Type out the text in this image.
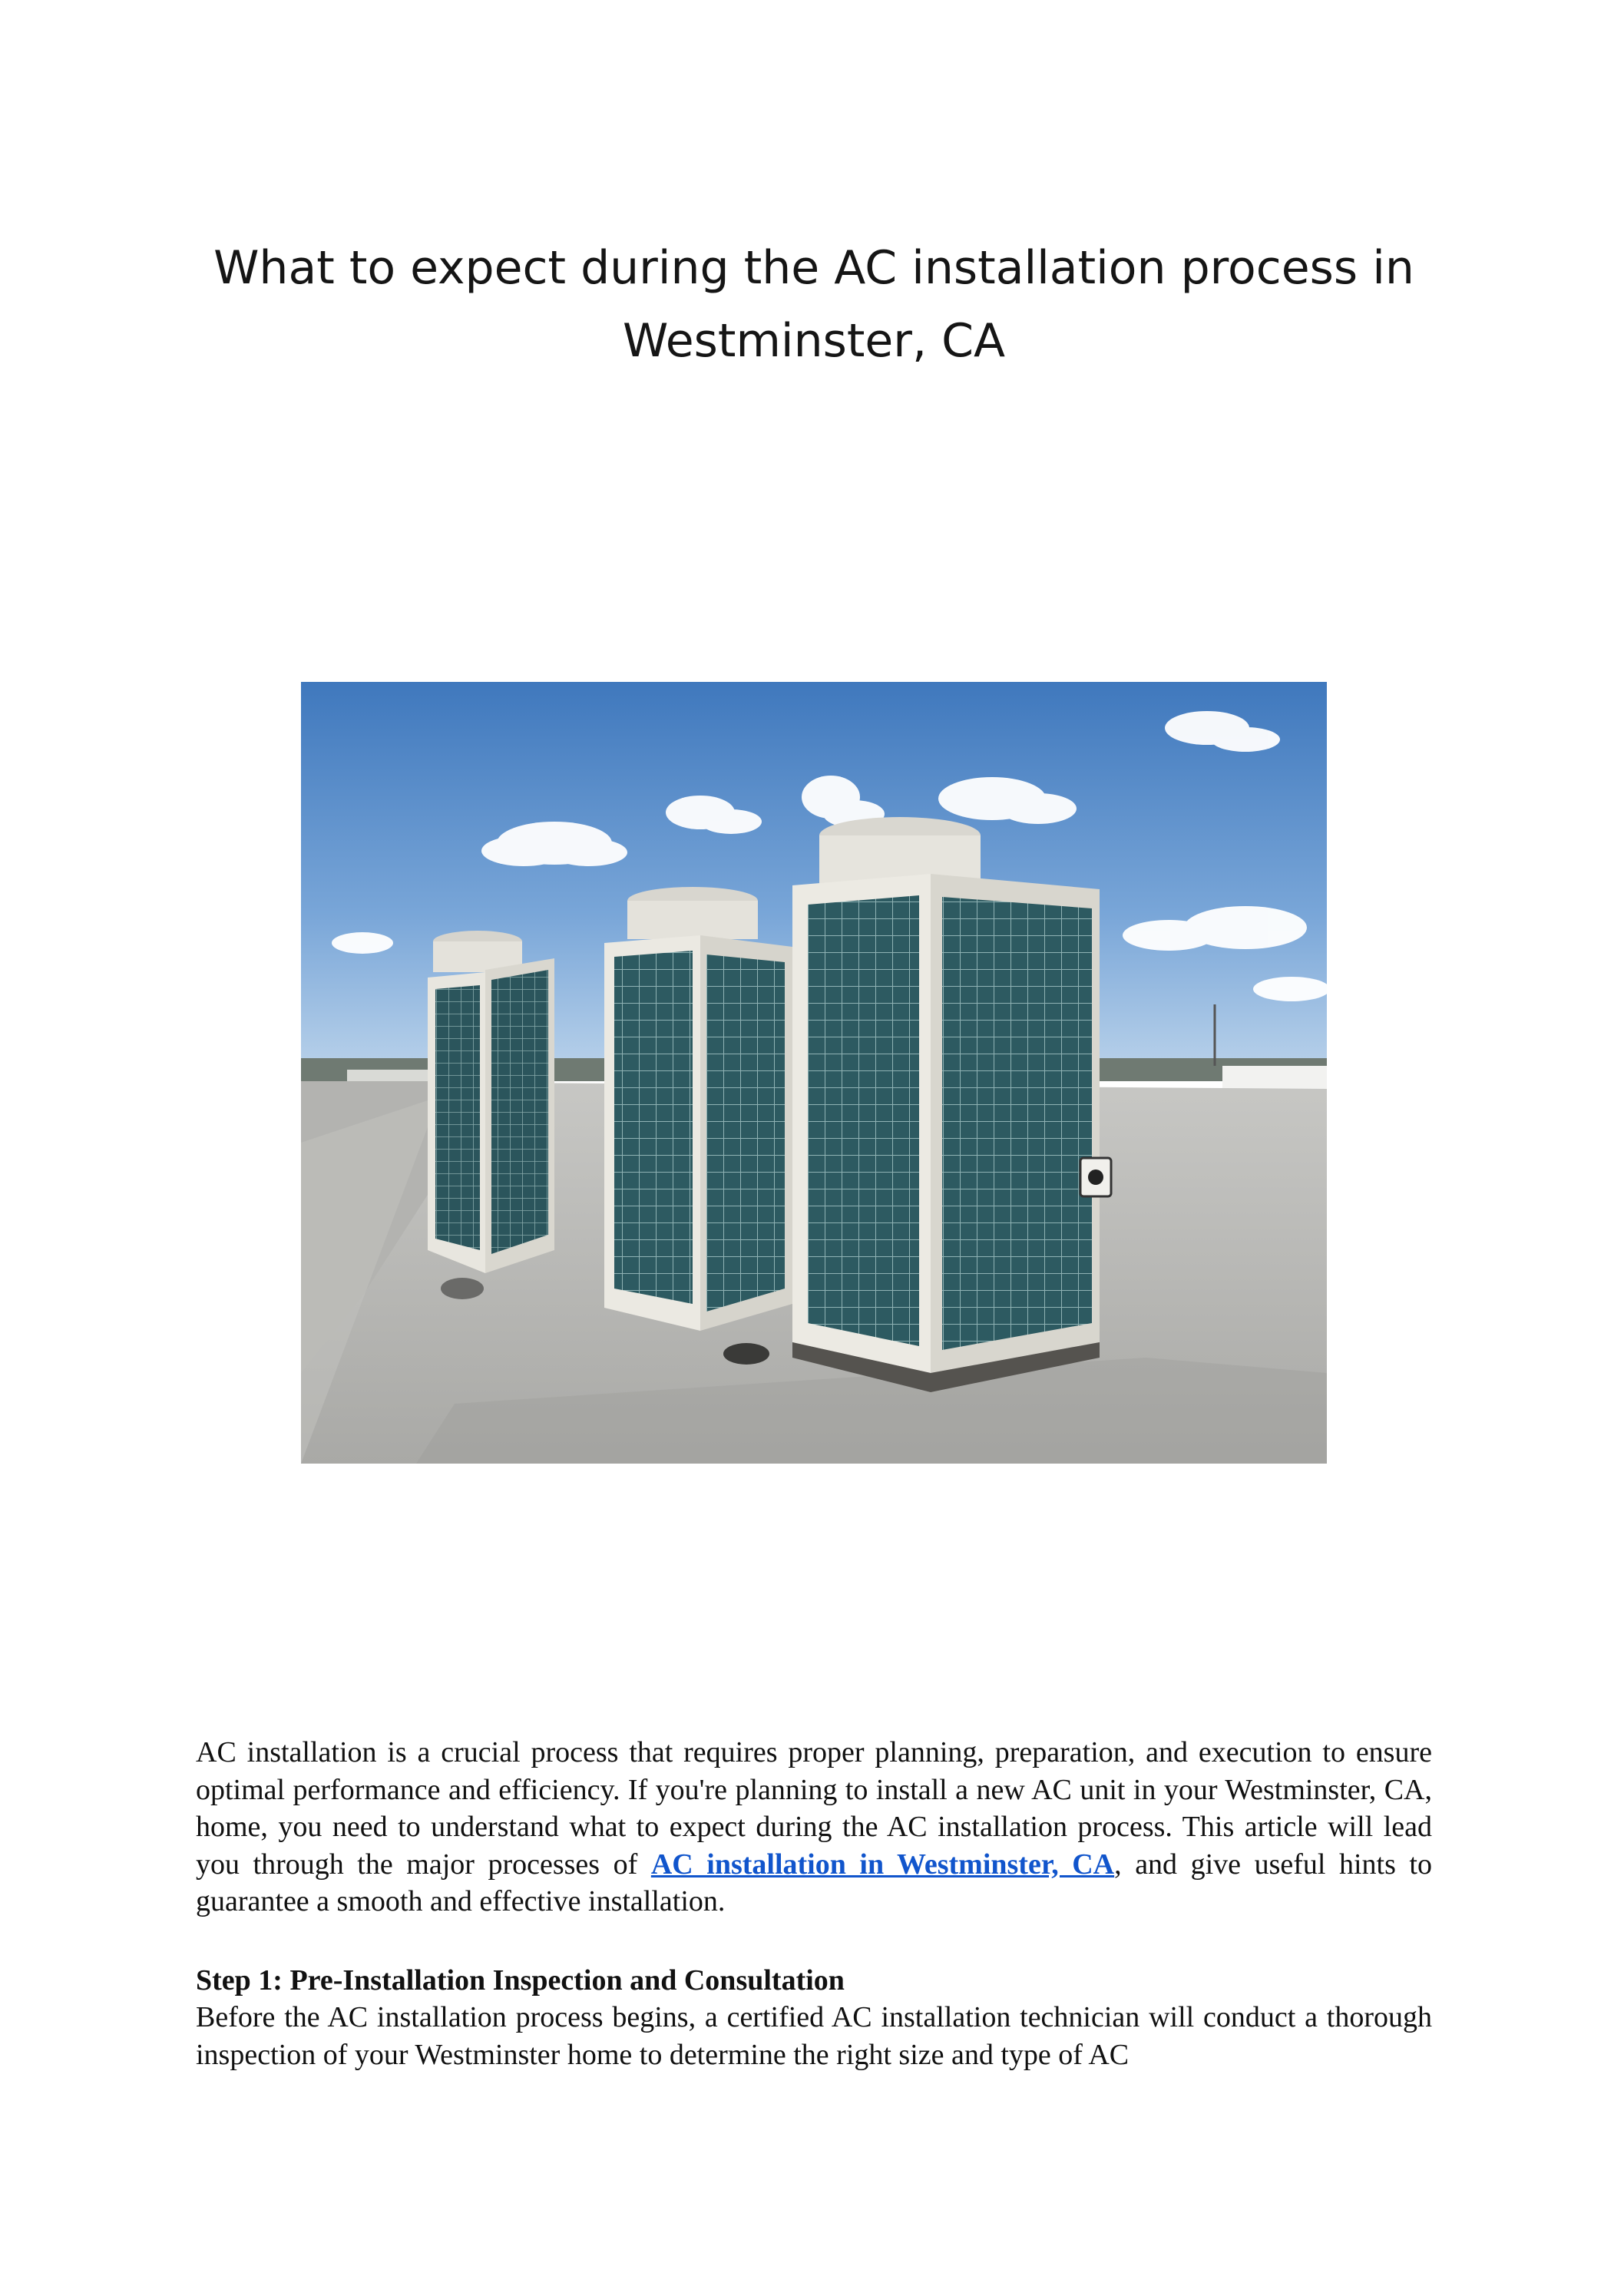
What to expect during the AC installation process in Westminster, CA

AC installation is a crucial process that requires proper planning, preparation, and execution to ensure optimal performance and efficiency. If you're planning to install a new AC unit in your Westminster, CA, home, you need to understand what to expect during the AC installation process. This article will lead you through the major processes of AC installation in Westminster, CA, and give useful hints to guarantee a smooth and effective installation.

Step 1: Pre-Installation Inspection and Consultation

Before the AC installation process begins, a certified AC installation technician will conduct a thorough inspection of your Westminster home to determine the right size and type of AC
